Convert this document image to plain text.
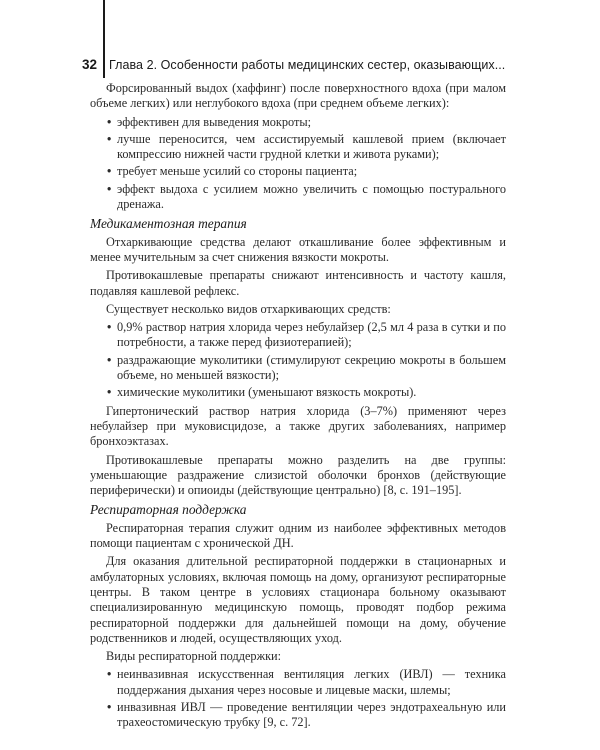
32 Глава 2. Особенности работы медицинских сестер, оказывающих...

Форсированный выдох (хаффинг) после поверхностного вдоха (при малом объеме легких) или неглубокого вдоха (при среднем объеме легких):

• эффективен для выведения мокроты;
• лучше переносится, чем ассистируемый кашлевой прием (включает компрессию нижней части грудной клетки и живота руками);
• требует меньше усилий со стороны пациента;
• эффект выдоха с усилием можно увеличить с помощью постурального дренажа.
Медикаментозная терапия

Отхаркивающие средства делают откашливание более эффективным и менее мучительным за счет снижения вязкости мокроты.

Противокашлевые препараты снижают интенсивность и частоту кашля, подавляя кашлевой рефлекс.

Существует несколько видов отхаркивающих средств:

• 0,9% раствор натрия хлорида через небулайзер (2,5 мл 4 раза в сутки и по потребности, а также перед физиотерапией);
• раздражающие муколитики (стимулируют секрецию мокроты в большем объеме, но меньшей вязкости);
• химические муколитики (уменьшают вязкость мокроты).

Гипертонический раствор натрия хлорида (3–7%) применяют через небулайзер при муковисцидозе, а также других заболеваниях, например бронхоэктазах.

Противокашлевые препараты можно разделить на две группы: уменьшающие раздражение слизистой оболочки бронхов (действующие периферически) и опиоиды (действующие центрально) [8, с. 191–195].

Респираторная поддержка

Респираторная терапия служит одним из наиболее эффективных методов помощи пациентам с хронической ДН.

Для оказания длительной респираторной поддержки в стационарных и амбулаторных условиях, включая помощь на дому, организуют респираторные центры. В таком центре в условиях стационара больному оказывают специализированную медицинскую помощь, проводят подбор режима респираторной поддержки для дальнейшей помощи на дому, обучение родственников и людей, осуществляющих уход.

Виды респираторной поддержки:

• неинвазивная искусственная вентиляция легких (ИВЛ) — техника поддержания дыхания через носовые и лицевые маски, шлемы;
• инвазивная ИВЛ — проведение вентиляции через эндотрахеальную или трахеостомическую трубку [9, с. 72].
